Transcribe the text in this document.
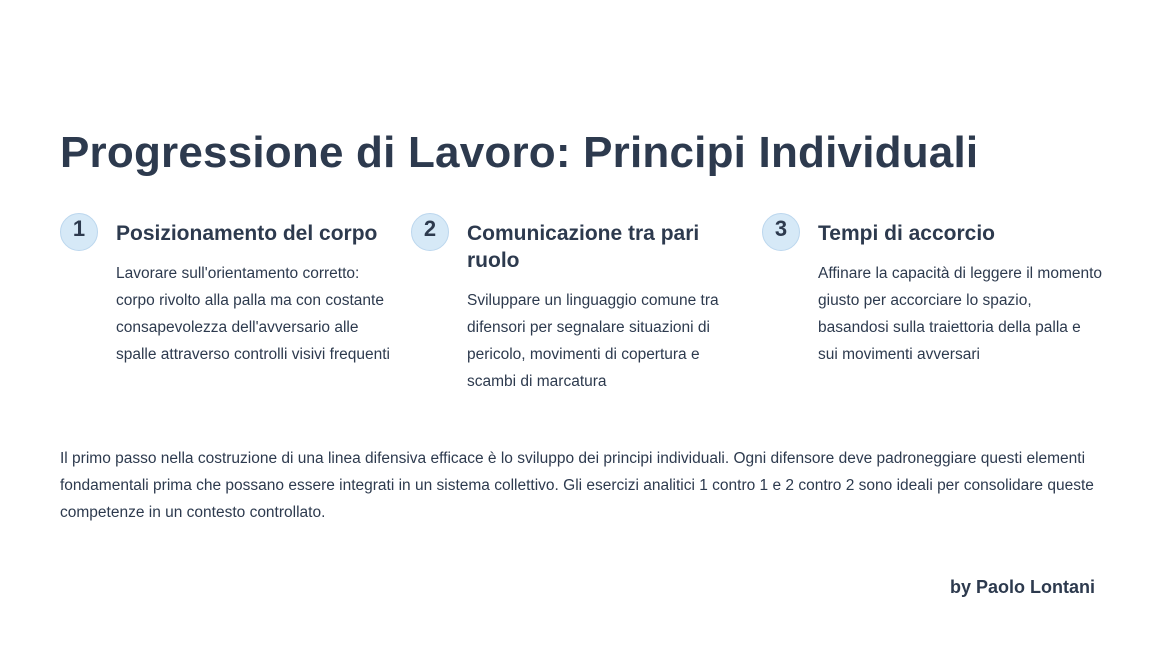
Progressione di Lavoro: Principi Individuali
1	Posizionamento del corpo

Lavorare sull'orientamento corretto: corpo rivolto alla palla ma con costante consapevolezza dell'avversario alle spalle attraverso controlli visivi frequenti

2	Comunicazione tra pari ruolo

Sviluppare un linguaggio comune tra difensori per segnalare situazioni di pericolo, movimenti di copertura e scambi di marcatura

3	Tempi di accorcio

Affinare la capacità di leggere il momento giusto per accorciare lo spazio, basandosi sulla traiettoria della palla e sui movimenti avversari

Il primo passo nella costruzione di una linea difensiva efficace è lo sviluppo dei principi individuali. Ogni difensore deve padroneggiare questi elementi fondamentali prima che possano essere integrati in un sistema collettivo. Gli esercizi analitici 1 contro 1 e 2 contro 2 sono ideali per consolidare queste competenze in un contesto controllato.

by Paolo Lontani
